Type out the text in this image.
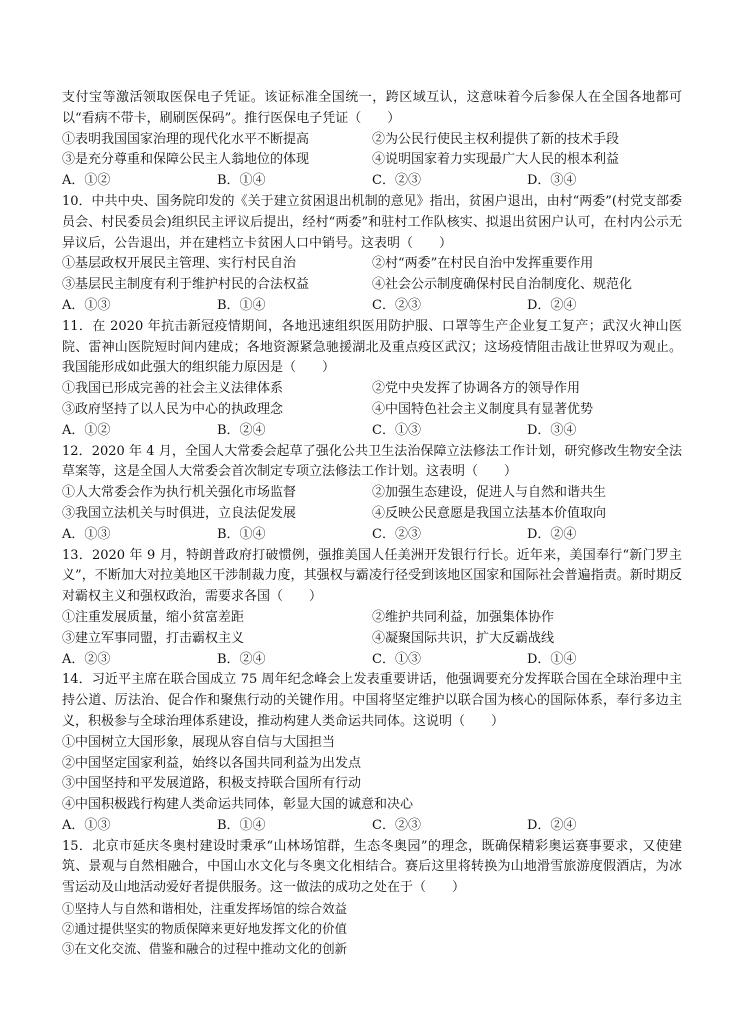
支付宝等激活领取医保电子凭证。该证标准全国统一，跨区域互认，这意味着今后参保人在全国各地都可以“看病不带卡，刷刷医保码”。推行医保电子凭证（　　）

①表明我国国家治理的现代化水平不断提高	②为公民行使民主权利提供了新的技术手段
③是充分尊重和保障公民主人翁地位的体现	④说明国家着力实现最广大人民的根本利益
A．①②	B．①④	C．②③	D．③④

10．中共中央、国务院印发的《关于建立贫困退出机制的意见》指出，贫困户退出，由村“两委”(村党支部委员会、村民委员会)组织民主评议后提出，经村“两委”和驻村工作队核实、拟退出贫困户认可，在村内公示无异议后，公告退出，并在建档立卡贫困人口中销号。这表明（　　）

①基层政权开展民主管理、实行村民自治	②村“两委”在村民自治中发挥重要作用
③基层民主制度有利于维护村民的合法权益	④社会公示制度确保村民自治制度化、规范化
A．①③	B．①④	C．②③	D．②④

11．在 2020 年抗击新冠疫情期间，各地迅速组织医用防护服、口罩等生产企业复工复产；武汉火神山医院、雷神山医院短时间内建成；各地资源紧急驰援湖北及重点疫区武汉；这场疫情阻击战让世界叹为观止。我国能形成如此强大的组织能力原因是（　　）

①我国已形成完善的社会主义法律体系	②党中央发挥了协调各方的领导作用
③政府坚持了以人民为中心的执政理念	④中国特色社会主义制度具有显著优势
A．①②	B．②④	C．①③	D．③④

12．2020 年 4 月，全国人大常委会起草了强化公共卫生法治保障立法修法工作计划，研究修改生物安全法草案等，这是全国人大常委会首次制定专项立法修法工作计划。这表明（　　）

①人大常委会作为执行机关强化市场监督	②加强生态建设，促进人与自然和谐共生
③我国立法机关与时俱进，立良法促发展	④反映公民意愿是我国立法基本价值取向
A．①③	B．①④	C．②③	D．②④

13．2020 年 9 月，特朗普政府打破惯例，强推美国人任美洲开发银行行长。近年来，美国奉行“新门罗主义”，不断加大对拉美地区干涉制裁力度，其强权与霸凌行径受到该地区国家和国际社会普遍指责。新时期反对霸权主义和强权政治，需要求各国（　　）

①注重发展质量，缩小贫富差距	②维护共同利益，加强集体协作
③建立军事同盟，打击霸权主义	④凝聚国际共识，扩大反霸战线
A．②③	B．②④	C．①③	D．①④

14．习近平主席在联合国成立 75 周年纪念峰会上发表重要讲话，他强调要充分发挥联合国在全球治理中主持公道、厉法治、促合作和聚焦行动的关键作用。中国将坚定维护以联合国为核心的国际体系，奉行多边主义，积极参与全球治理体系建设，推动构建人类命运共同体。这说明（　　）

①中国树立大国形象，展现从容自信与大国担当

②中国坚定国家利益，始终以各国共同利益为出发点

③中国坚持和平发展道路，积极支持联合国所有行动

④中国积极践行构建人类命运共同体，彰显大国的诚意和决心

A．①③	B．①④	C．②③	D．②④

15．北京市延庆冬奥村建设时秉承“山林场馆群，生态冬奥园”的理念，既确保精彩奥运赛事要求，又使建筑、景观与自然相融合，中国山水文化与冬奥文化相结合。赛后这里将转换为山地滑雪旅游度假酒店，为冰雪运动及山地活动爱好者提供服务。这一做法的成功之处在于（　　）

①坚持人与自然和谐相处，注重发挥场馆的综合效益

②通过提供坚实的物质保障来更好地发挥文化的价值

③在文化交流、借鉴和融合的过程中推动文化的创新
